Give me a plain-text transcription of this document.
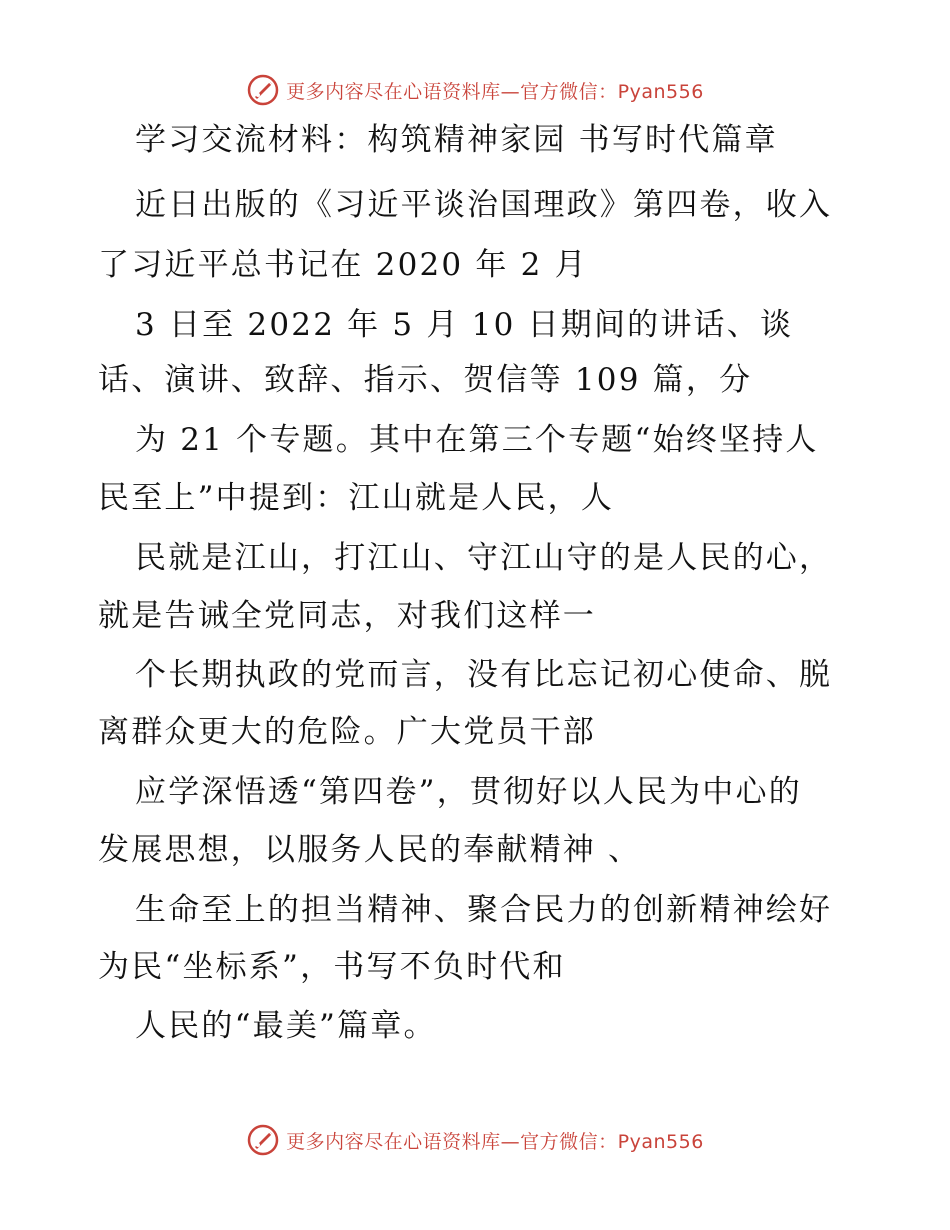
更多内容尽在心语资料库—官方微信：Pyan556
学习交流材料：构筑精神家园 书写时代篇章
近日出版的《习近平谈治国理政》第四卷，收入
了习近平总书记在 2020 年 2 月
3 日至 2022 年 5 月 10 日期间的讲话、谈
话、演讲、致辞、指示、贺信等 109 篇，分
为 21 个专题。其中在第三个专题“始终坚持人
民至上”中提到：江山就是人民，人
民就是江山，打江山、守江山守的是人民的心，
就是告诫全党同志，对我们这样一
个长期执政的党而言，没有比忘记初心使命、脱
离群众更大的危险。广大党员干部
应学深悟透“第四卷”，贯彻好以人民为中心的
发展思想，以服务人民的奉献精神 、
生命至上的担当精神、聚合民力的创新精神绘好
为民“坐标系”，书写不负时代和
人民的“最美”篇章。
更多内容尽在心语资料库—官方微信：Pyan556
